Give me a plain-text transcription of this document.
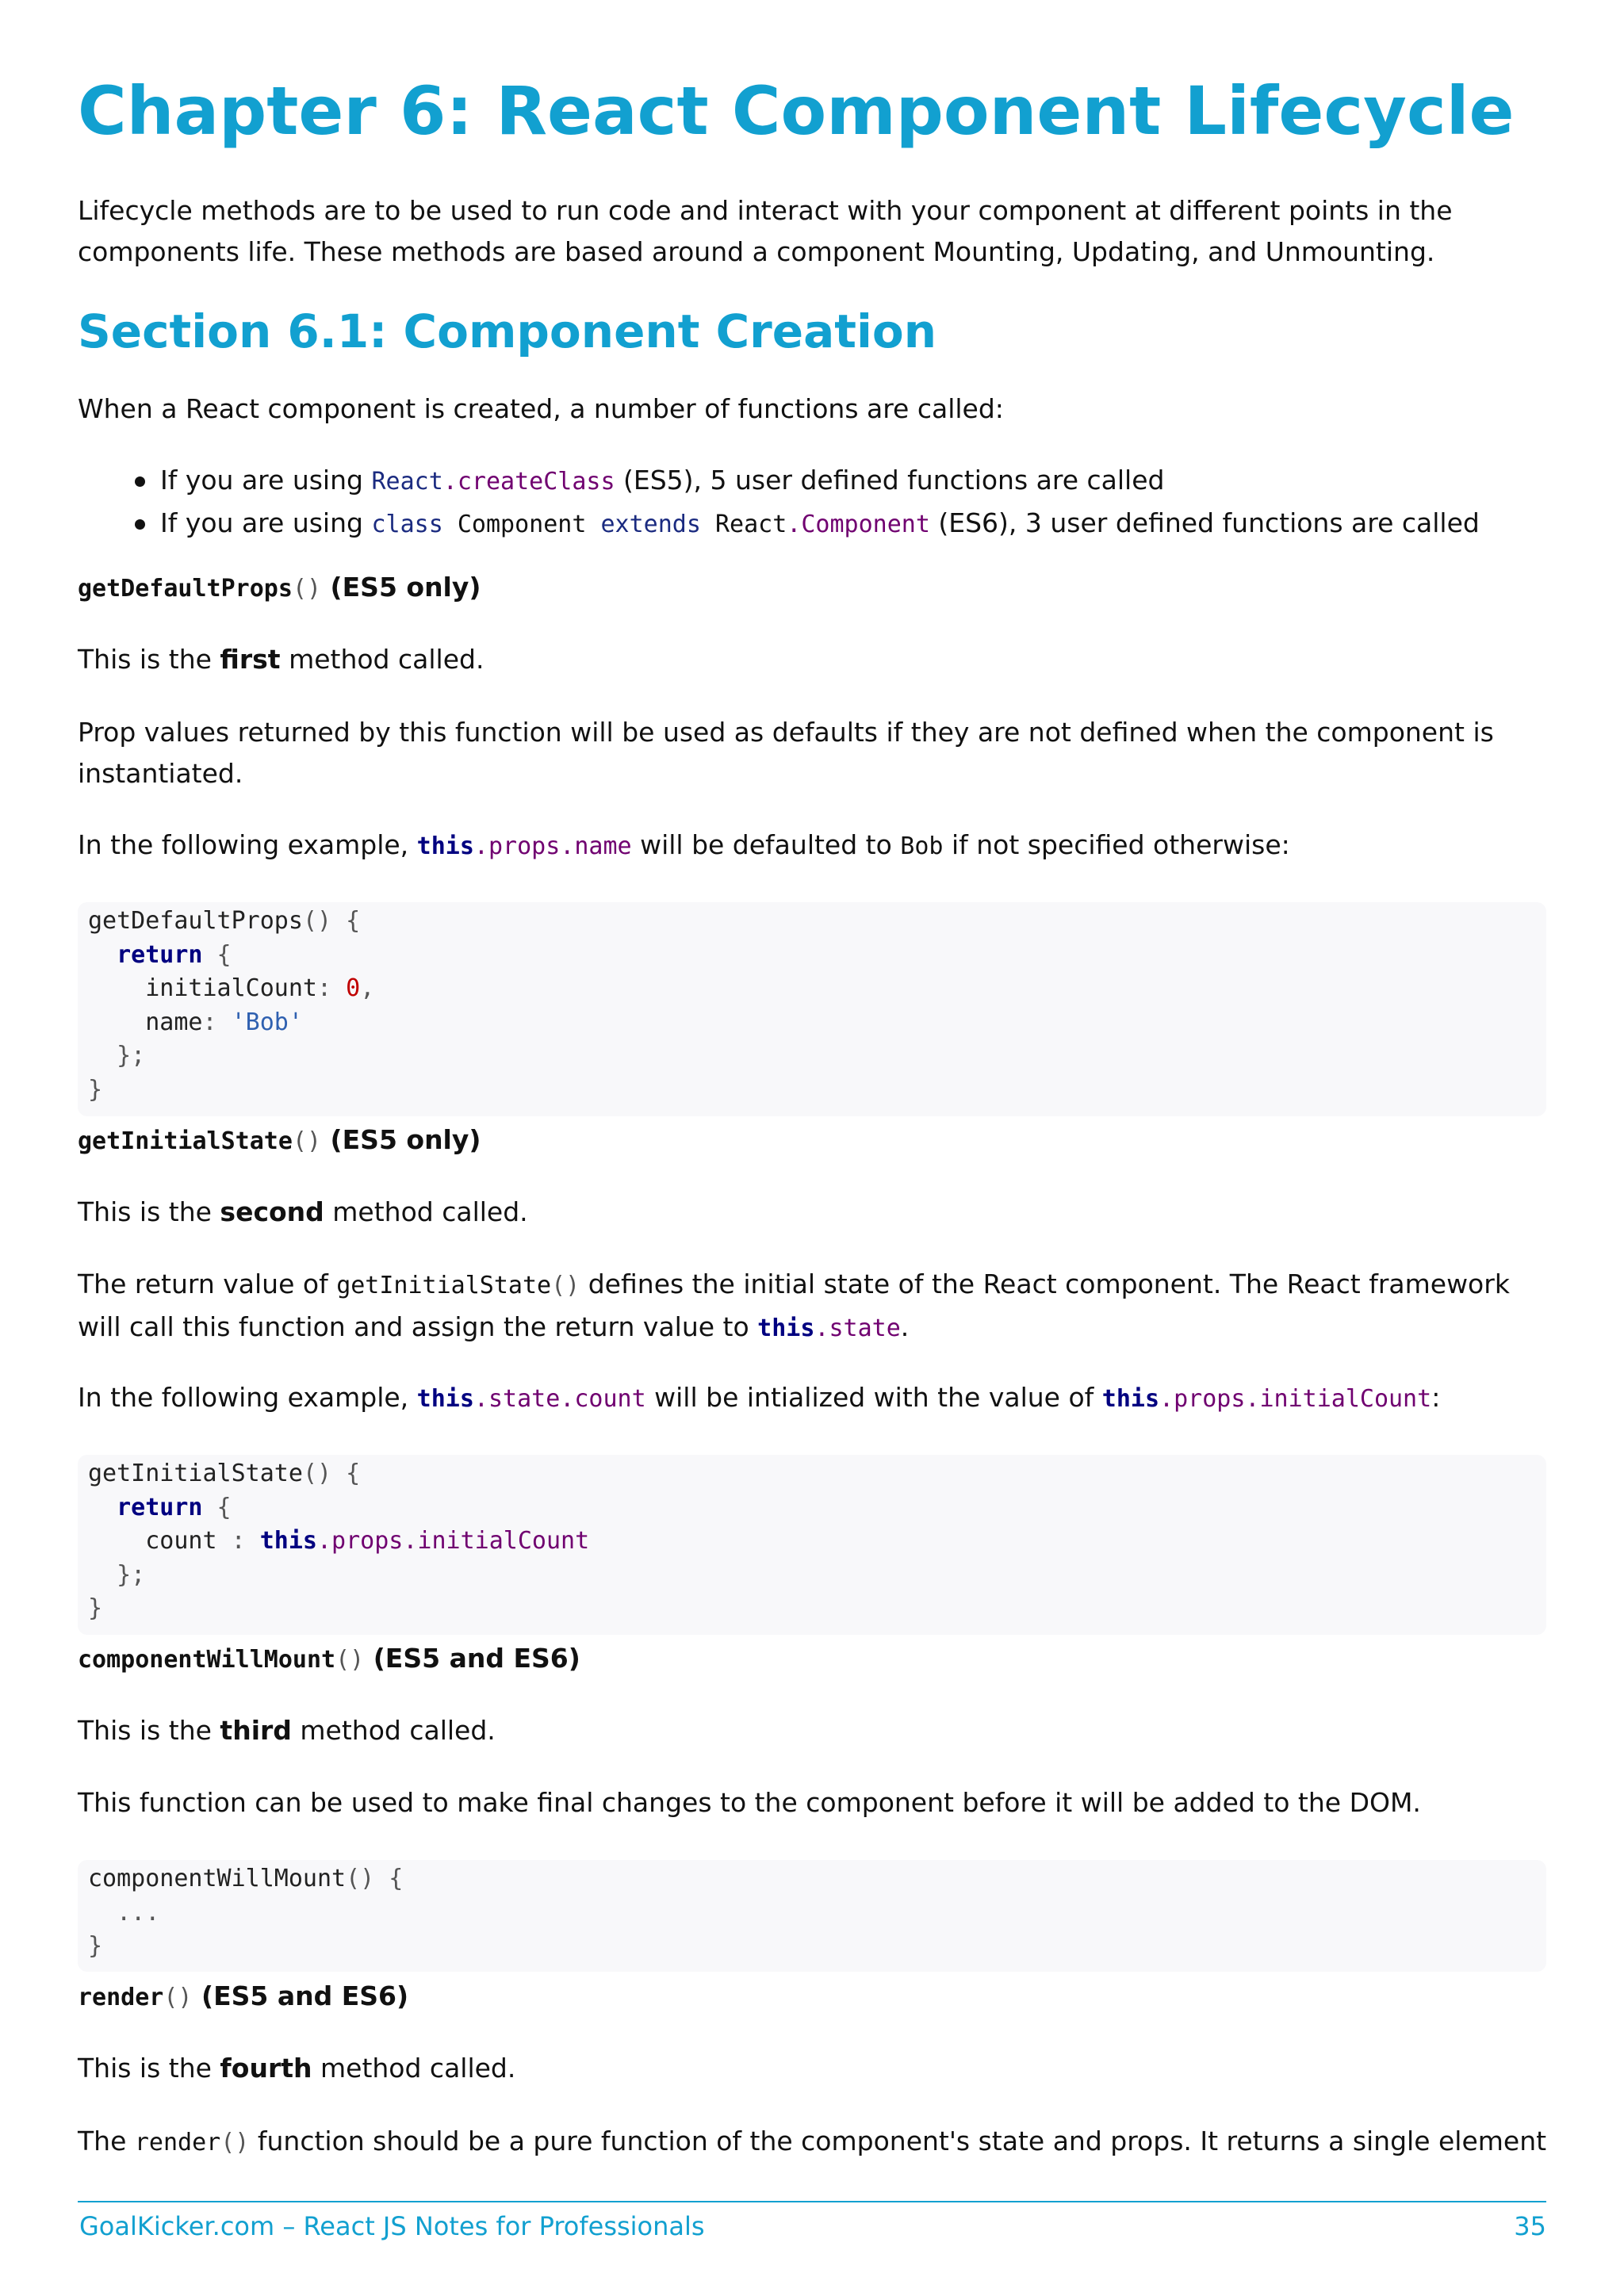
Chapter 6: React Component Lifecycle

Lifecycle methods are to be used to run code and interact with your component at different points in the components life. These methods are based around a component Mounting, Updating, and Unmounting.

Section 6.1: Component Creation

When a React component is created, a number of functions are called:

If you are using React.createClass (ES5), 5 user defined functions are called
If you are using class Component extends React.Component (ES6), 3 user defined functions are called
getDefaultProps() (ES5 only)

This is the first method called.

Prop values returned by this function will be used as defaults if they are not defined when the component is instantiated.

In the following example, this.props.name will be defaulted to Bob if not specified otherwise:

getDefaultProps() {
return {
initialCount: 0,
name: 'Bob'
};
}
getInitialState() (ES5 only)

This is the second method called.

The return value of getInitialState() defines the initial state of the React component. The React framework will call this function and assign the return value to this.state.

In the following example, this.state.count will be intialized with the value of this.props.initialCount:

getInitialState() {
return {
count : this.props.initialCount
};
}
componentWillMount() (ES5 and ES6)

This is the third method called.

This function can be used to make final changes to the component before it will be added to the DOM.

componentWillMount() {
...
}
render() (ES5 and ES6)

This is the fourth method called.

The render() function should be a pure function of the component's state and props. It returns a single element

GoalKicker.com – React JS Notes for Professionals	35
